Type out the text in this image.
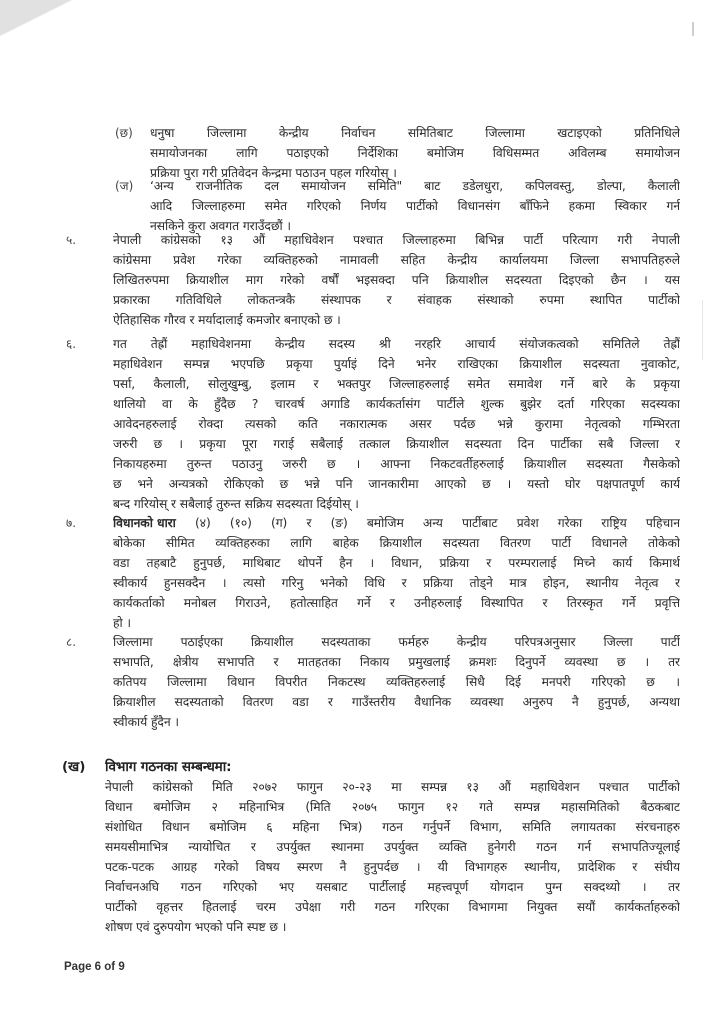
(छ) धनुषा जिल्लामा केन्द्रीय निर्वाचन समितिबाट जिल्लामा खटाइएको प्रतिनिधिले
समायोजनका लागि पठाइएको निर्देशिका बमोजिम विधिसम्मत अविलम्ब समायोजन
प्रक्रिया पुरा गरी प्रतिवेदन केन्द्रमा पठाउन पहल गरियोस् ।
(ज) ‘अन्य राजनीतिक दल समायोजन समिति" बाट डडेलधुरा, कपिलवस्तु, डोल्पा, कैलाली
आदि जिल्लाहरुमा समेत गरिएको निर्णय पार्टीको विधानसंग बाँफिने हकमा स्विकार गर्न
नसकिने कुरा अवगत गराउँदछौं ।
५.	नेपाली कांग्रेसको १३ औं महाधिवेशन पश्चात जिल्लाहरुमा बिभिन्न पार्टी परित्याग गरी नेपाली
कांग्रेसमा प्रवेश गरेका व्यक्तिहरुको नामावली सहित केन्द्रीय कार्यालयमा जिल्ला सभापतिहरुले
लिखितरुपमा क्रियाशील माग गरेको वर्षौं भइसक्दा पनि क्रियाशील सदस्यता दिइएको छैन । यस
प्रकारका गतिविधिले लोकतन्त्रकै संस्थापक र संवाहक संस्थाको रुपमा स्थापित पार्टीको
ऐतिहासिक गौरव र मर्यादालाई कमजोर बनाएको छ ।
६.	गत तेह्रौं महाधिवेशनमा केन्द्रीय सदस्य श्री नरहरि आचार्य संयोजकत्वको समितिले तेह्रौं
महाधिवेशन सम्पन्न भएपछि प्रकृया पुर्याइं दिने भनेर राखिएका क्रियाशील सदस्यता नुवाकोट,
पर्सा, कैलाली, सोलुखुम्बु, इलाम र भक्तपुर जिल्लाहरुलाई समेत समावेश गर्ने बारे के प्रकृया
थालियो वा के हुँदैछ ? चारवर्ष अगाडि कार्यकर्तासंग पार्टीले शुल्क बुझेर दर्ता गरिएका सदस्यका
आवेदनहरुलाई रोक्दा त्यसको कति नकारात्मक असर पर्दछ भन्ने कुरामा नेतृत्वको गम्भिरता
जरुरी छ । प्रकृया पूरा गराई सबैलाई तत्काल क्रियाशील सदस्यता दिन पार्टीका सबै जिल्ला र
निकायहरुमा तुरुन्त पठाउनु जरुरी छ । आफ्ना निकटवर्तीहरुलाई क्रियाशील सदस्यता गैसकेको
छ भने अन्यत्रको रोकिएको छ भन्ने पनि जानकारीमा आएको छ । यस्तो घोर पक्षपातपूर्ण कार्य
बन्द गरियोस् र सबैलाई तुरुन्त सक्रिय सदस्यता दिईयोस् ।
७.	विधानको धारा (४) (१०) (ग) र (ङ) बमोजिम अन्य पार्टीबाट प्रवेश गरेका राष्ट्रिय पहिचान
बोकेका सीमित व्यक्तिहरुका लागि बाहेक क्रियाशील सदस्यता वितरण पार्टी विधानले तोकेको
वडा तहबाटै हुनुपर्छ, माथिबाट थोपर्ने हैन । विधान, प्रक्रिया र परम्परालाई मिच्ने कार्य किमार्थ
स्वीकार्य हुनसक्दैन । त्यसो गरिनु भनेको विधि र प्रक्रिया तोड्ने मात्र होइन, स्थानीय नेतृत्व र
कार्यकर्ताको मनोबल गिराउने, हतोत्साहित गर्ने र उनीहरुलाई विस्थापित र तिरस्कृत गर्ने प्रवृत्ति
हो ।
८.	जिल्लामा पठाईएका क्रियाशील सदस्यताका फर्महरु केन्द्रीय परिपत्रअनुसार जिल्ला पार्टी
सभापति, क्षेत्रीय सभापति र मातहतका निकाय प्रमुखलाई क्रमशः दिनुपर्ने व्यवस्था छ । तर
कतिपय जिल्लामा विधान विपरीत निकटस्थ व्यक्तिहरुलाई सिधै दिई मनपरी गरिएको छ ।
क्रियाशील सदस्यताको वितरण वडा र गाउँस्तरीय वैधानिक व्यवस्था अनुरुप नै हुनुपर्छ, अन्यथा
स्वीकार्य हुँदैन ।
(ख) विभाग गठनका सम्बन्धमा:
नेपाली कांग्रेसको मिति २०७२ फागुन २०-२३ मा सम्पन्न १३ औं महाधिवेशन पश्चात पार्टीको
विधान बमोजिम २ महिनाभित्र (मिति २०७५ फागुन १२ गते सम्पन्न महासमितिको बैठकबाट
संशोधित विधान बमोजिम ६ महिना भित्र) गठन गर्नुपर्ने विभाग, समिति लगायतका संरचनाहरु
समयसीमाभित्र न्यायोचित र उपर्युक्त स्थानमा उपर्युक्त व्यक्ति हुनेगरी गठन गर्न सभापतिज्यूलाई
पटक-पटक आग्रह गरेको विषय स्मरण नै हुनुपर्दछ । यी विभागहरु स्थानीय, प्रादेशिक र संघीय
निर्वाचनअघि गठन गरिएको भए यसबाट पार्टीलाई महत्त्वपूर्ण योगदान पुग्न सक्दथ्यो । तर
पार्टीको वृहत्तर हितलाई चरम उपेक्षा गरी गठन गरिएका विभागमा नियुक्त सयौं कार्यकर्ताहरुको
शोषण एवं दुरुपयोग भएको पनि स्पष्ट छ ।
Page 6 of 9
